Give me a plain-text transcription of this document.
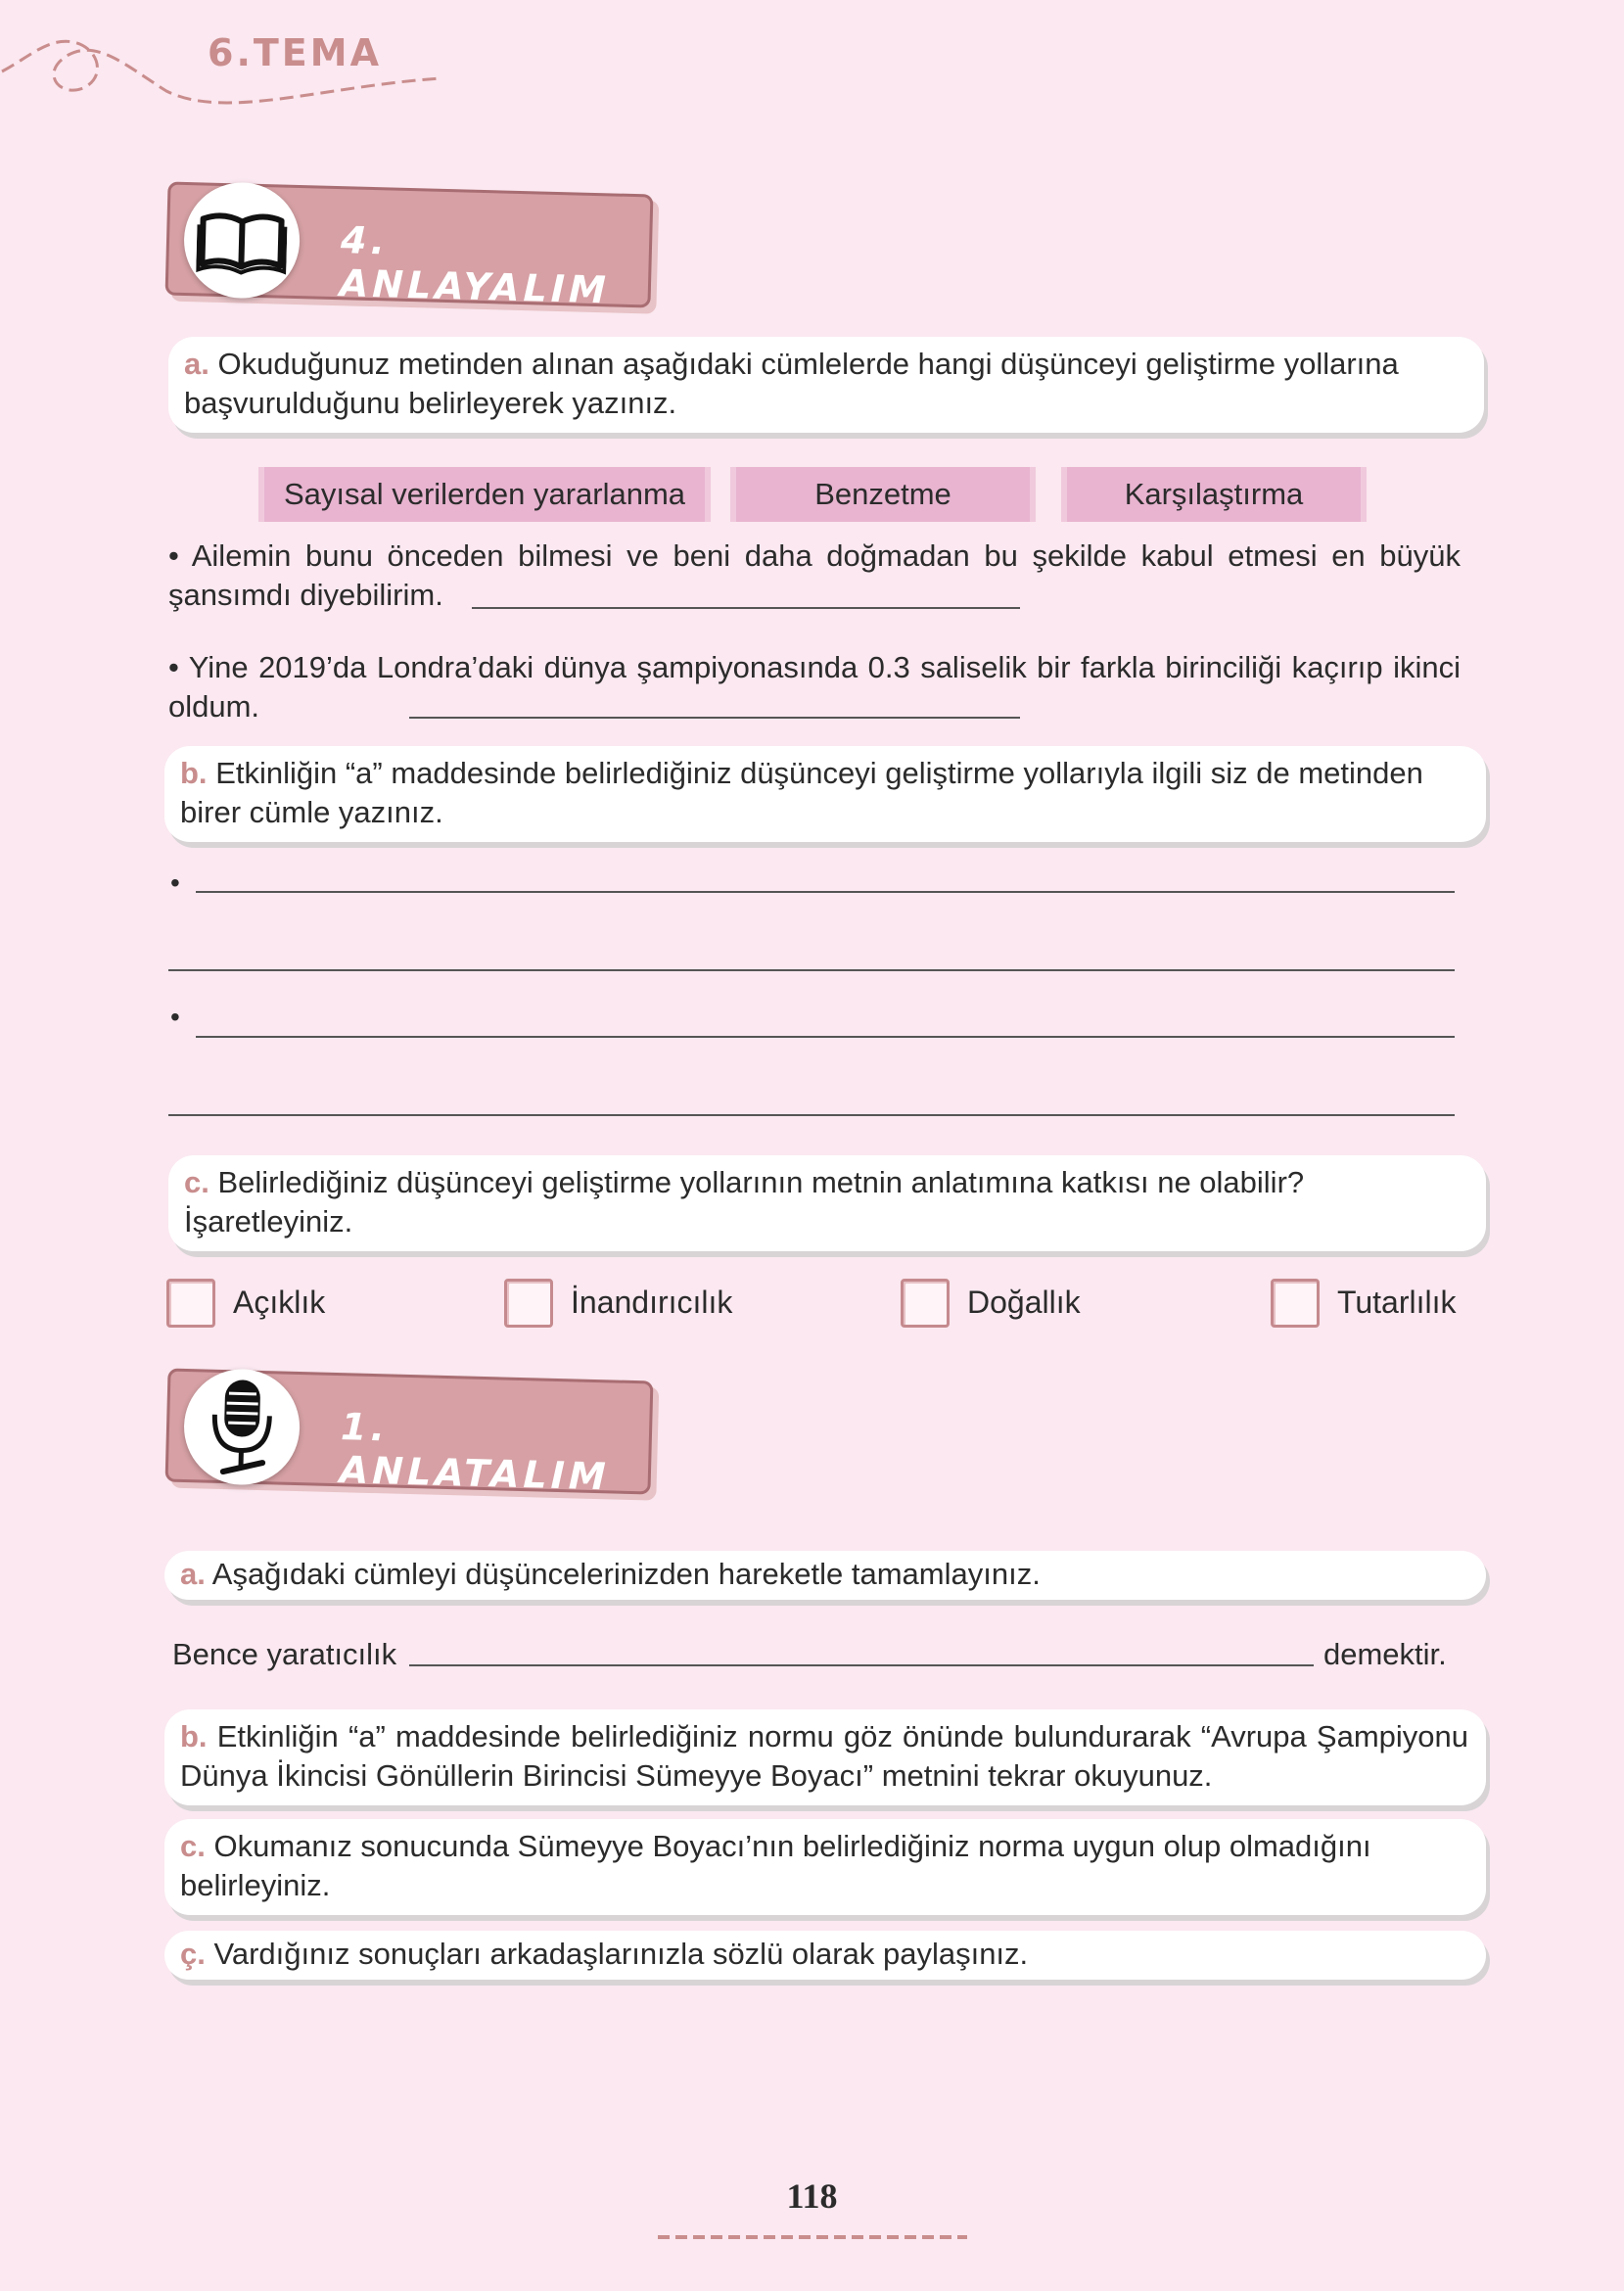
6.TEMA
4. ANLAYALIM
a. Okuduğunuz metinden alınan aşağıdaki cümlelerde hangi düşünceyi geliştirme yollarına başvurulduğunu belirleyerek yazınız.
Sayısal verilerden yararlanma	Benzetme	Karşılaştırma
• Ailemin bunu önceden bilmesi ve beni daha doğmadan bu şekilde kabul etmesi en büyük şansımdı diyebilirim.
• Yine 2019’da Londra’daki dünya şampiyonasında 0.3 saliselik bir farkla birinciliği kaçırıp ikinci oldum.
b. Etkinliğin “a” maddesinde belirlediğiniz düşünceyi geliştirme yollarıyla ilgili siz de metinden birer cümle yazınız.
•
•
c. Belirlediğiniz düşünceyi geliştirme yollarının metnin anlatımına katkısı ne olabilir? İşaretleyiniz.
Açıklık	İnandırıcılık	Doğallık	Tutarlılık
1. ANLATALIM
a. Aşağıdaki cümleyi düşüncelerinizden hareketle tamamlayınız.
Bence yaratıcılık	demektir.
b. Etkinliğin “a” maddesinde belirlediğiniz normu göz önünde bulundurarak “Avrupa Şampiyonu Dünya İkincisi Gönüllerin Birincisi Sümeyye Boyacı” metnini tekrar okuyunuz.
c. Okumanız sonucunda Sümeyye Boyacı’nın belirlediğiniz norma uygun olup olmadığını belirleyiniz.
ç. Vardığınız sonuçları arkadaşlarınızla sözlü olarak paylaşınız.
118
